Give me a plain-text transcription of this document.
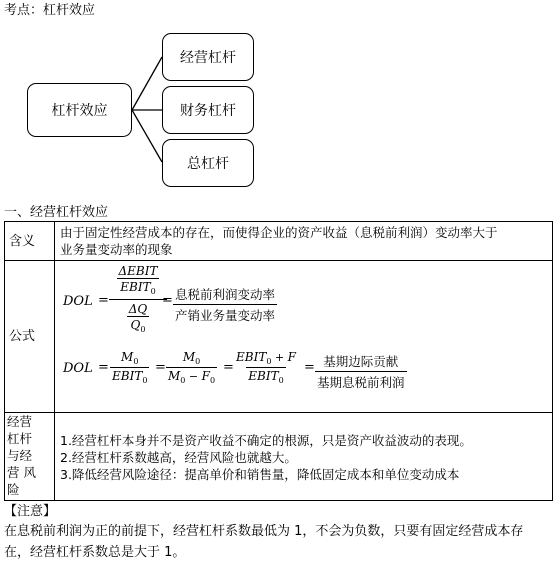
考点：杠杆效应
杠杆效应
经营杠杆
财务杠杆
总杠杆
一、经营杠杆效应
含义
由于固定性经营成本的存在，而使得企业的资产收益（息税前利润）变动率大于
业务量变动率的现象
公式
DOL =
ΔEBIT
$EBIT_0$
ΔQ
$Q_0$
= 息税前利润变动率
产销业务量变动率
DOL =
$M_0$
$EBIT_0$
= $\frac{M_0}{M_0 - F_0}$ =
$EBIT_0 + F$
$EBIT_0$
= 基期边际贡献
基期息税前利润
经营
杠杆
与经
营 风
险
1.经营杠杆本身并不是资产收益不确定的根源，只是资产收益波动的表现。
2.经营杠杆系数越高，经营风险也就越大。
3.降低经营风险途径：提高单价和销售量，降低固定成本和单位变动成本
【注意】
在息税前利润为正的前提下，经营杠杆系数最低为 1，不会为负数，只要有固定经营成本存
在，经营杠杆系数总是大于 1。
